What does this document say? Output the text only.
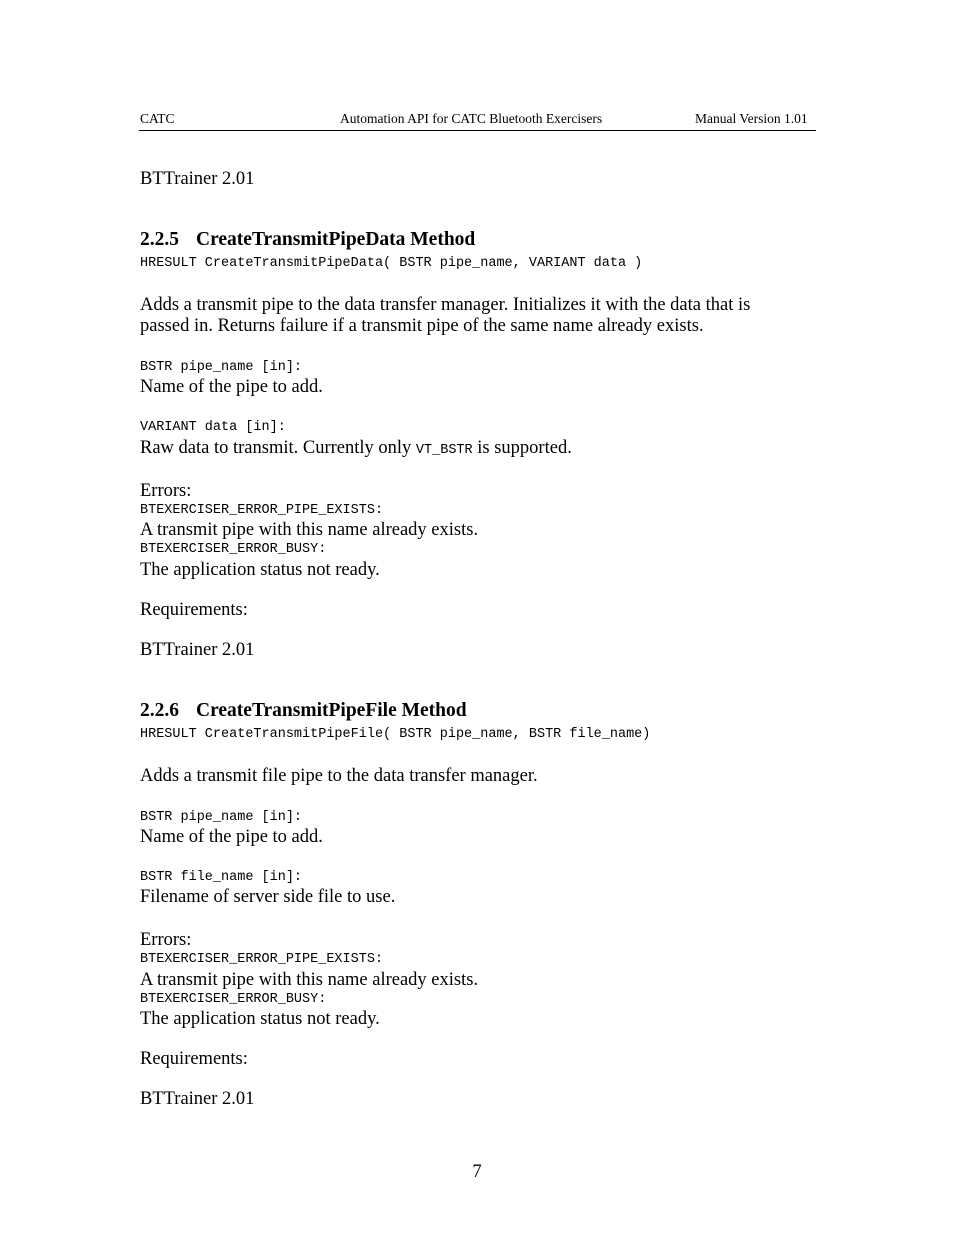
CATC	Automation API for CATC Bluetooth Exercisers	Manual Version 1.01
BTTrainer 2.01
2.2.5 CreateTransmitPipeData Method
HRESULT CreateTransmitPipeData( BSTR pipe_name, VARIANT data )
Adds a transmit pipe to the data transfer manager. Initializes it with the data that is
passed in. Returns failure if a transmit pipe of the same name already exists.
BSTR pipe_name [in]:
Name of the pipe to add.
VARIANT data [in]:
Raw data to transmit. Currently only VT_BSTR is supported.
Errors:
BTEXERCISER_ERROR_PIPE_EXISTS:
A transmit pipe with this name already exists.
BTEXERCISER_ERROR_BUSY:
The application status not ready.
Requirements:
BTTrainer 2.01
2.2.6 CreateTransmitPipeFile Method
HRESULT CreateTransmitPipeFile( BSTR pipe_name, BSTR file_name)
Adds a transmit file pipe to the data transfer manager.
BSTR pipe_name [in]:
Name of the pipe to add.
BSTR file_name [in]:
Filename of server side file to use.
Errors:
BTEXERCISER_ERROR_PIPE_EXISTS:
A transmit pipe with this name already exists.
BTEXERCISER_ERROR_BUSY:
The application status not ready.
Requirements:
BTTrainer 2.01
7
